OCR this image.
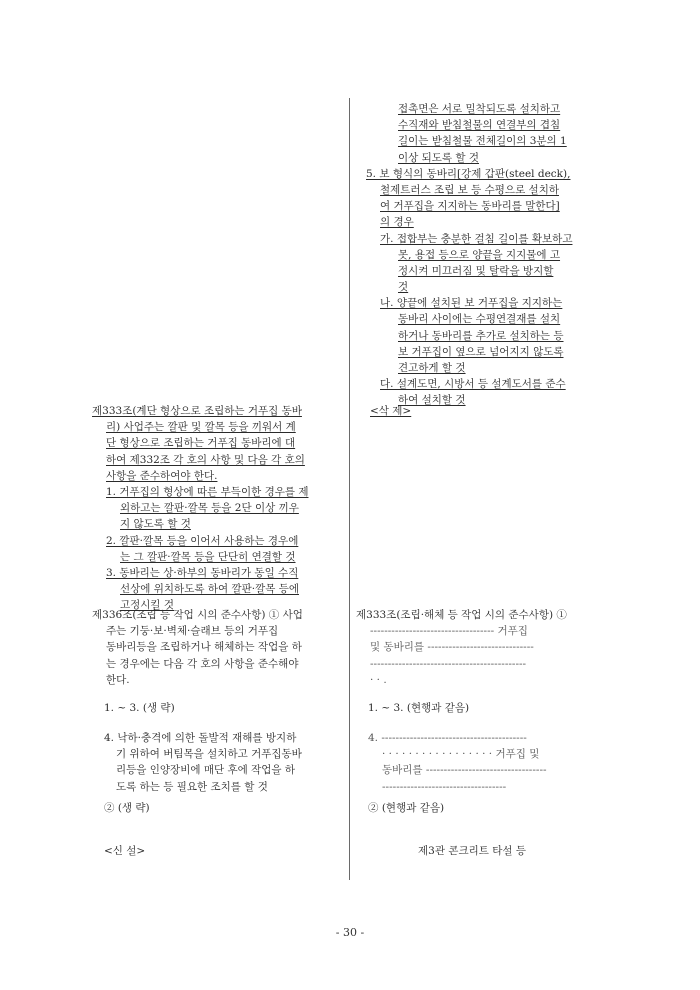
접촉면은 서로 밀착되도록 설치하고
수직재와 받침철물의 연결부의 겹침
길이는 받침철물 전체길이의 3분의 1
이상 되도록 할 것
5. 보 형식의 동바리[강제 갑판(steel deck),
철제트러스 조립 보 등 수평으로 설치하
여 거푸집을 지지하는 동바리를 말한다]
의 경우
가. 접합부는 충분한 걸침 길이를 확보하고
못, 용접 등으로 양끝을 지지물에 고
정시켜 미끄러짐 및 탈락을 방지할
것
나. 양끝에 설치된 보 거푸집을 지지하는
동바리 사이에는 수평연결재를 설치
하거나 동바리를 추가로 설치하는 등
보 거푸집이 옆으로 넘어지지 않도록
견고하게 할 것
다. 설계도면, 시방서 등 설계도서를 준수
하여 설치할 것
제333조(계단 형상으로 조립하는 거푸집 동바
리) 사업주는 깔판 및 깔목 등을 끼워서 계
단 형상으로 조립하는 거푸집 동바리에 대
하여 제332조 각 호의 사항 및 다음 각 호의
사항을 준수하여야 한다.
1. 거푸집의 형상에 따른 부득이한 경우를 제
외하고는 깔판·깔목 등을 2단 이상 끼우
지 않도록 할 것
2. 깔판·깔목 등을 이어서 사용하는 경우에
는 그 깔판·깔목 등을 단단히 연결할 것
3. 동바리는 상·하부의 동바리가 동일 수직
선상에 위치하도록 하여 깔판·깔목 등에
고정시킬 것
<삭 제>
제336조(조립 등 작업 시의 준수사항) ① 사업
주는 기둥·보·벽체·슬래브 등의 거푸집
동바리등을 조립하거나 해체하는 작업을 하
는 경우에는 다음 각 호의 사항을 준수해야
한다.
1. ~ 3. (생 략)
4. 낙하·충격에 의한 돌발적 재해를 방지하
기 위하여 버팀목을 설치하고 거푸집동바
리등을 인양장비에 매단 후에 작업을 하
도록 하는 등 필요한 조치를 할 것
② (생 략)
<신 설>
제333조(조립·해체 등 작업 시의 준수사항) ①
----------------------------------- 거푸집
및 동바리를 ------------------------------
--------------------------------------------
· · .
1. ~ 3. (현행과 같음)
4. -----------------------------------------
· · · · · · · · · · · · · · · · · 거푸집 및
동바리를 ----------------------------------
-----------------------------------
② (현행과 같음)
제3관 콘크리트 타설 등
- 30 -
